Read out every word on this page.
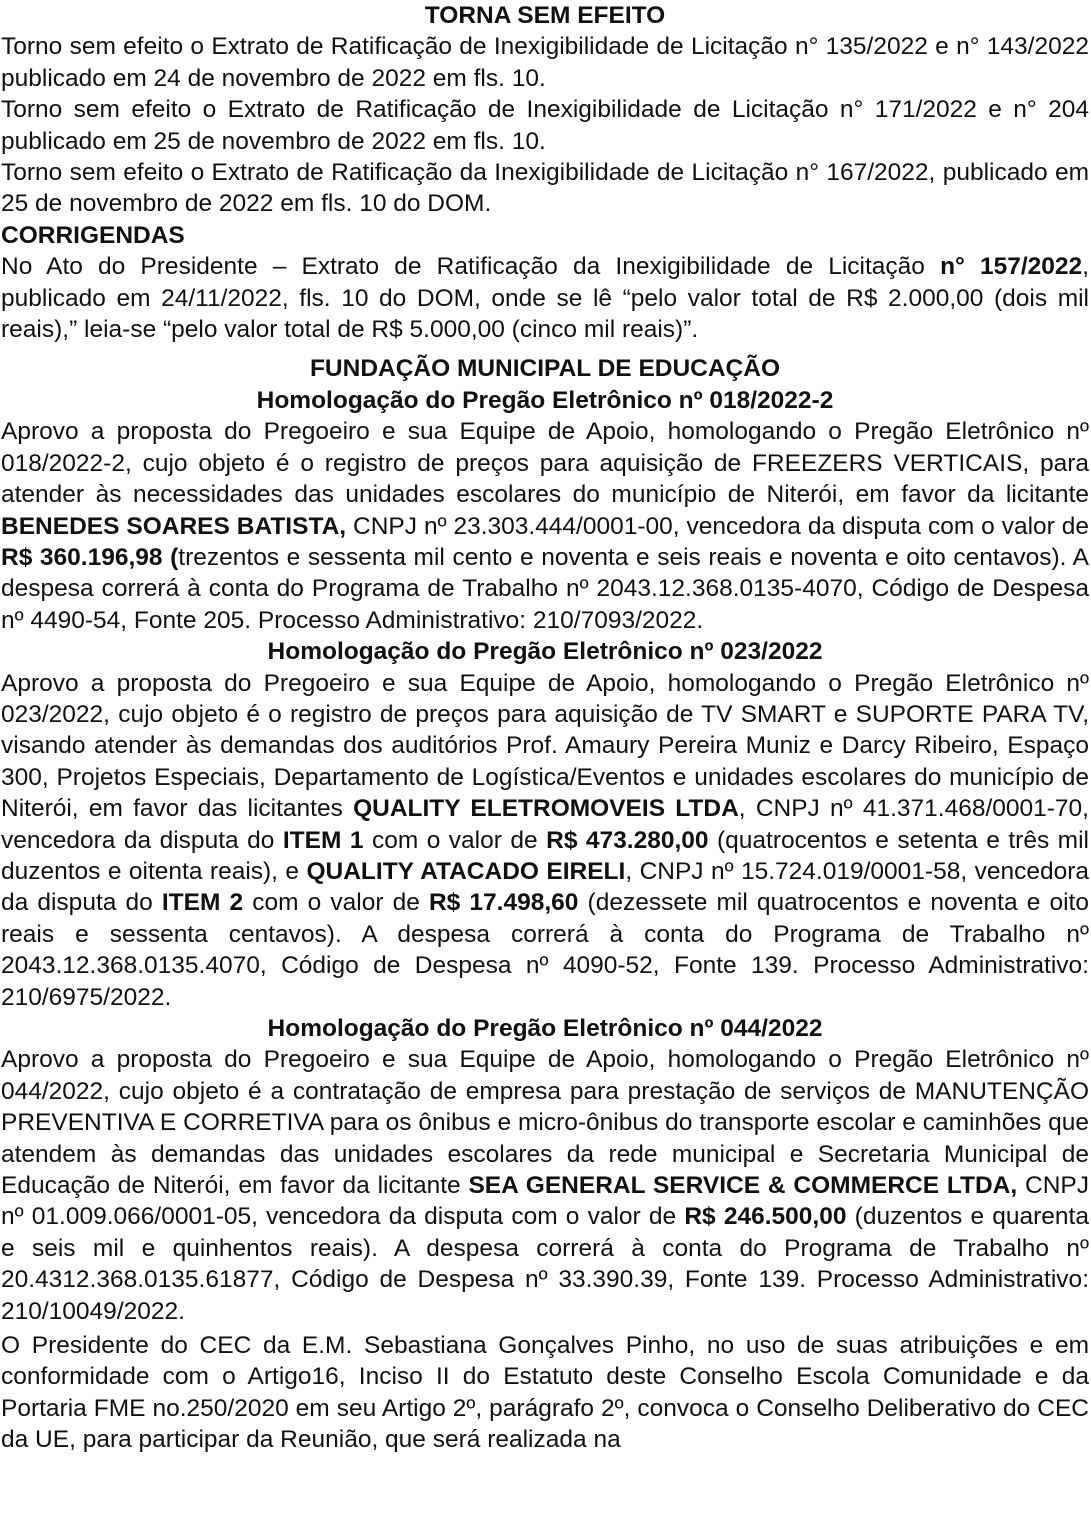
TORNA SEM EFEITO

Torno sem efeito o Extrato de Ratificação de Inexigibilidade de Licitação n° 135/2022 e n° 143/2022 publicado em 24 de novembro de 2022 em fls. 10.

Torno sem efeito o Extrato de Ratificação de Inexigibilidade de Licitação n° 171/2022 e n° 204 publicado em 25 de novembro de 2022 em fls. 10.

Torno sem efeito o Extrato de Ratificação da Inexigibilidade de Licitação n° 167/2022, publicado em 25 de novembro de 2022 em fls. 10 do DOM.

CORRIGENDAS

No Ato do Presidente – Extrato de Ratificação da Inexigibilidade de Licitação n° 157/2022, publicado em 24/11/2022, fls. 10 do DOM, onde se lê “pelo valor total de R$ 2.000,00 (dois mil reais),” leia-se “pelo valor total de R$ 5.000,00 (cinco mil reais)”.

FUNDAÇÃO MUNICIPAL DE EDUCAÇÃO

Homologação do Pregão Eletrônico nº 018/2022-2

Aprovo a proposta do Pregoeiro e sua Equipe de Apoio, homologando o Pregão Eletrônico nº 018/2022-2, cujo objeto é o registro de preços para aquisição de FREEZERS VERTICAIS, para atender às necessidades das unidades escolares do município de Niterói, em favor da licitante BENEDES SOARES BATISTA, CNPJ nº 23.303.444/0001-00, vencedora da disputa com o valor de R$ 360.196,98 (trezentos e sessenta mil cento e noventa e seis reais e noventa e oito centavos). A despesa correrá à conta do Programa de Trabalho nº 2043.12.368.0135-4070, Código de Despesa nº 4490-54, Fonte 205. Processo Administrativo: 210/7093/2022.

Homologação do Pregão Eletrônico nº 023/2022

Aprovo a proposta do Pregoeiro e sua Equipe de Apoio, homologando o Pregão Eletrônico nº 023/2022, cujo objeto é o registro de preços para aquisição de TV SMART e SUPORTE PARA TV, visando atender às demandas dos auditórios Prof. Amaury Pereira Muniz e Darcy Ribeiro, Espaço 300, Projetos Especiais, Departamento de Logística/Eventos e unidades escolares do município de Niterói, em favor das licitantes QUALITY ELETROMOVEIS LTDA, CNPJ nº 41.371.468/0001-70, vencedora da disputa do ITEM 1 com o valor de R$ 473.280,00 (quatrocentos e setenta e três mil duzentos e oitenta reais), e QUALITY ATACADO EIRELI, CNPJ nº 15.724.019/0001-58, vencedora da disputa do ITEM 2 com o valor de R$ 17.498,60 (dezessete mil quatrocentos e noventa e oito reais e sessenta centavos). A despesa correrá à conta do Programa de Trabalho nº 2043.12.368.0135.4070, Código de Despesa nº 4090-52, Fonte 139. Processo Administrativo: 210/6975/2022.

Homologação do Pregão Eletrônico nº 044/2022

Aprovo a proposta do Pregoeiro e sua Equipe de Apoio, homologando o Pregão Eletrônico nº 044/2022, cujo objeto é a contratação de empresa para prestação de serviços de MANUTENÇÃO PREVENTIVA E CORRETIVA para os ônibus e micro-ônibus do transporte escolar e caminhões que atendem às demandas das unidades escolares da rede municipal e Secretaria Municipal de Educação de Niterói, em favor da licitante SEA GENERAL SERVICE & COMMERCE LTDA, CNPJ nº 01.009.066/0001-05, vencedora da disputa com o valor de R$ 246.500,00 (duzentos e quarenta e seis mil e quinhentos reais). A despesa correrá à conta do Programa de Trabalho nº 20.4312.368.0135.61877, Código de Despesa nº 33.390.39, Fonte 139. Processo Administrativo: 210/10049/2022.

O Presidente do CEC da E.M. Sebastiana Gonçalves Pinho, no uso de suas atribuições e em conformidade com o Artigo16, Inciso II do Estatuto deste Conselho Escola Comunidade e da Portaria FME no.250/2020 em seu Artigo 2º, parágrafo 2º, convoca o Conselho Deliberativo do CEC da UE, para participar da Reunião, que será realizada na
